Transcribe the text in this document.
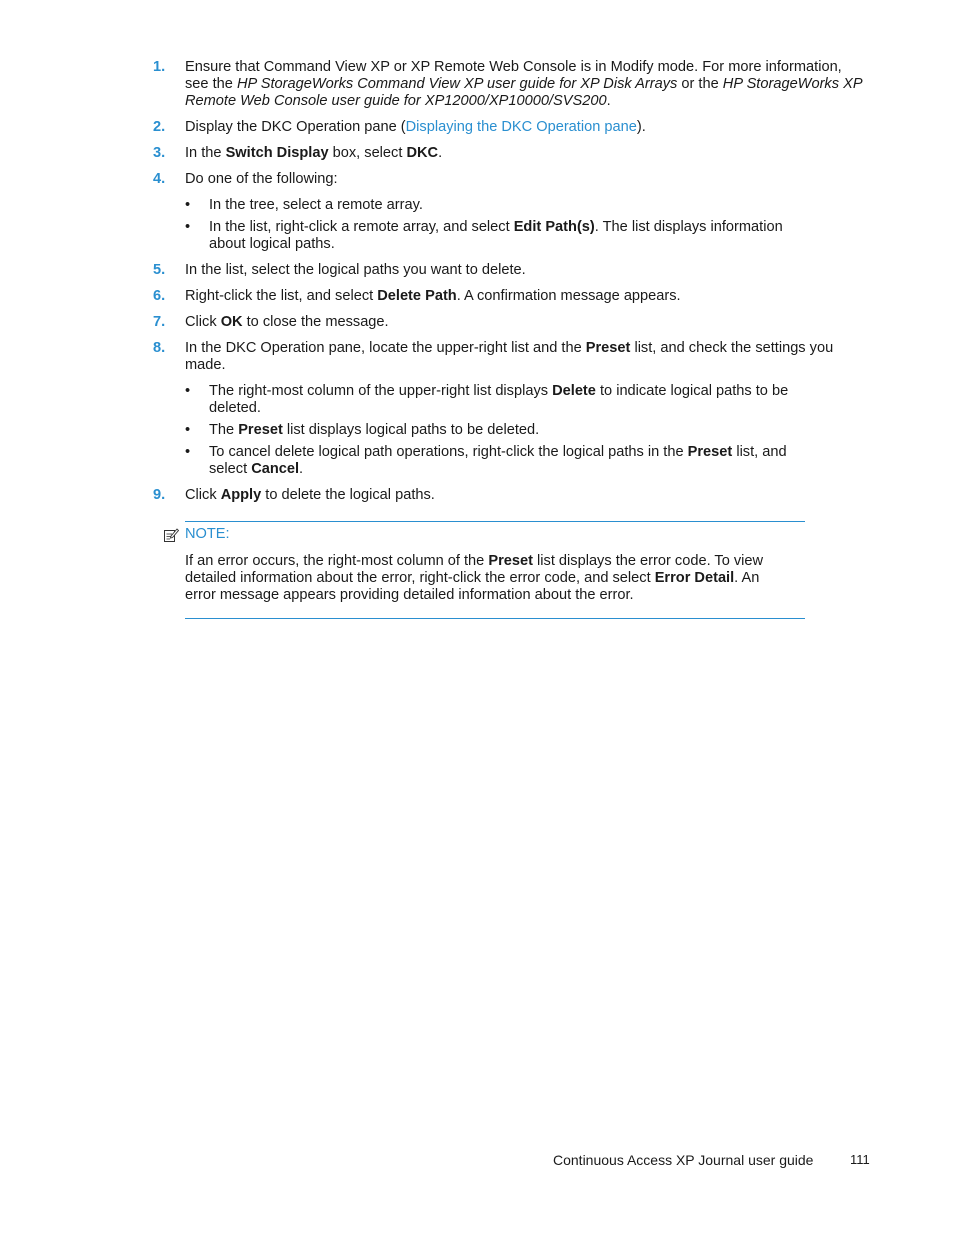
1.	Ensure that Command View XP or XP Remote Web Console is in Modify mode. For more information, see the HP StorageWorks Command View XP user guide for XP Disk Arrays or the HP StorageWorks XP Remote Web Console user guide for XP12000/XP10000/SVS200.
2.	Display the DKC Operation pane (Displaying the DKC Operation pane).
3.	In the Switch Display box, select DKC.
4.	Do one of the following:
• In the tree, select a remote array.
• In the list, right-click a remote array, and select Edit Path(s). The list displays information about logical paths.
5.	In the list, select the logical paths you want to delete.
6.	Right-click the list, and select Delete Path. A confirmation message appears.
7.	Click OK to close the message.
8.	In the DKC Operation pane, locate the upper-right list and the Preset list, and check the settings you made.
• The right-most column of the upper-right list displays Delete to indicate logical paths to be deleted.
• The Preset list displays logical paths to be deleted.
• To cancel delete logical path operations, right-click the logical paths in the Preset list, and select Cancel.
9.	Click Apply to delete the logical paths.
NOTE:
If an error occurs, the right-most column of the Preset list displays the error code. To view detailed information about the error, right-click the error code, and select Error Detail. An error message appears providing detailed information about the error.
Continuous Access XP Journal user guide	111
